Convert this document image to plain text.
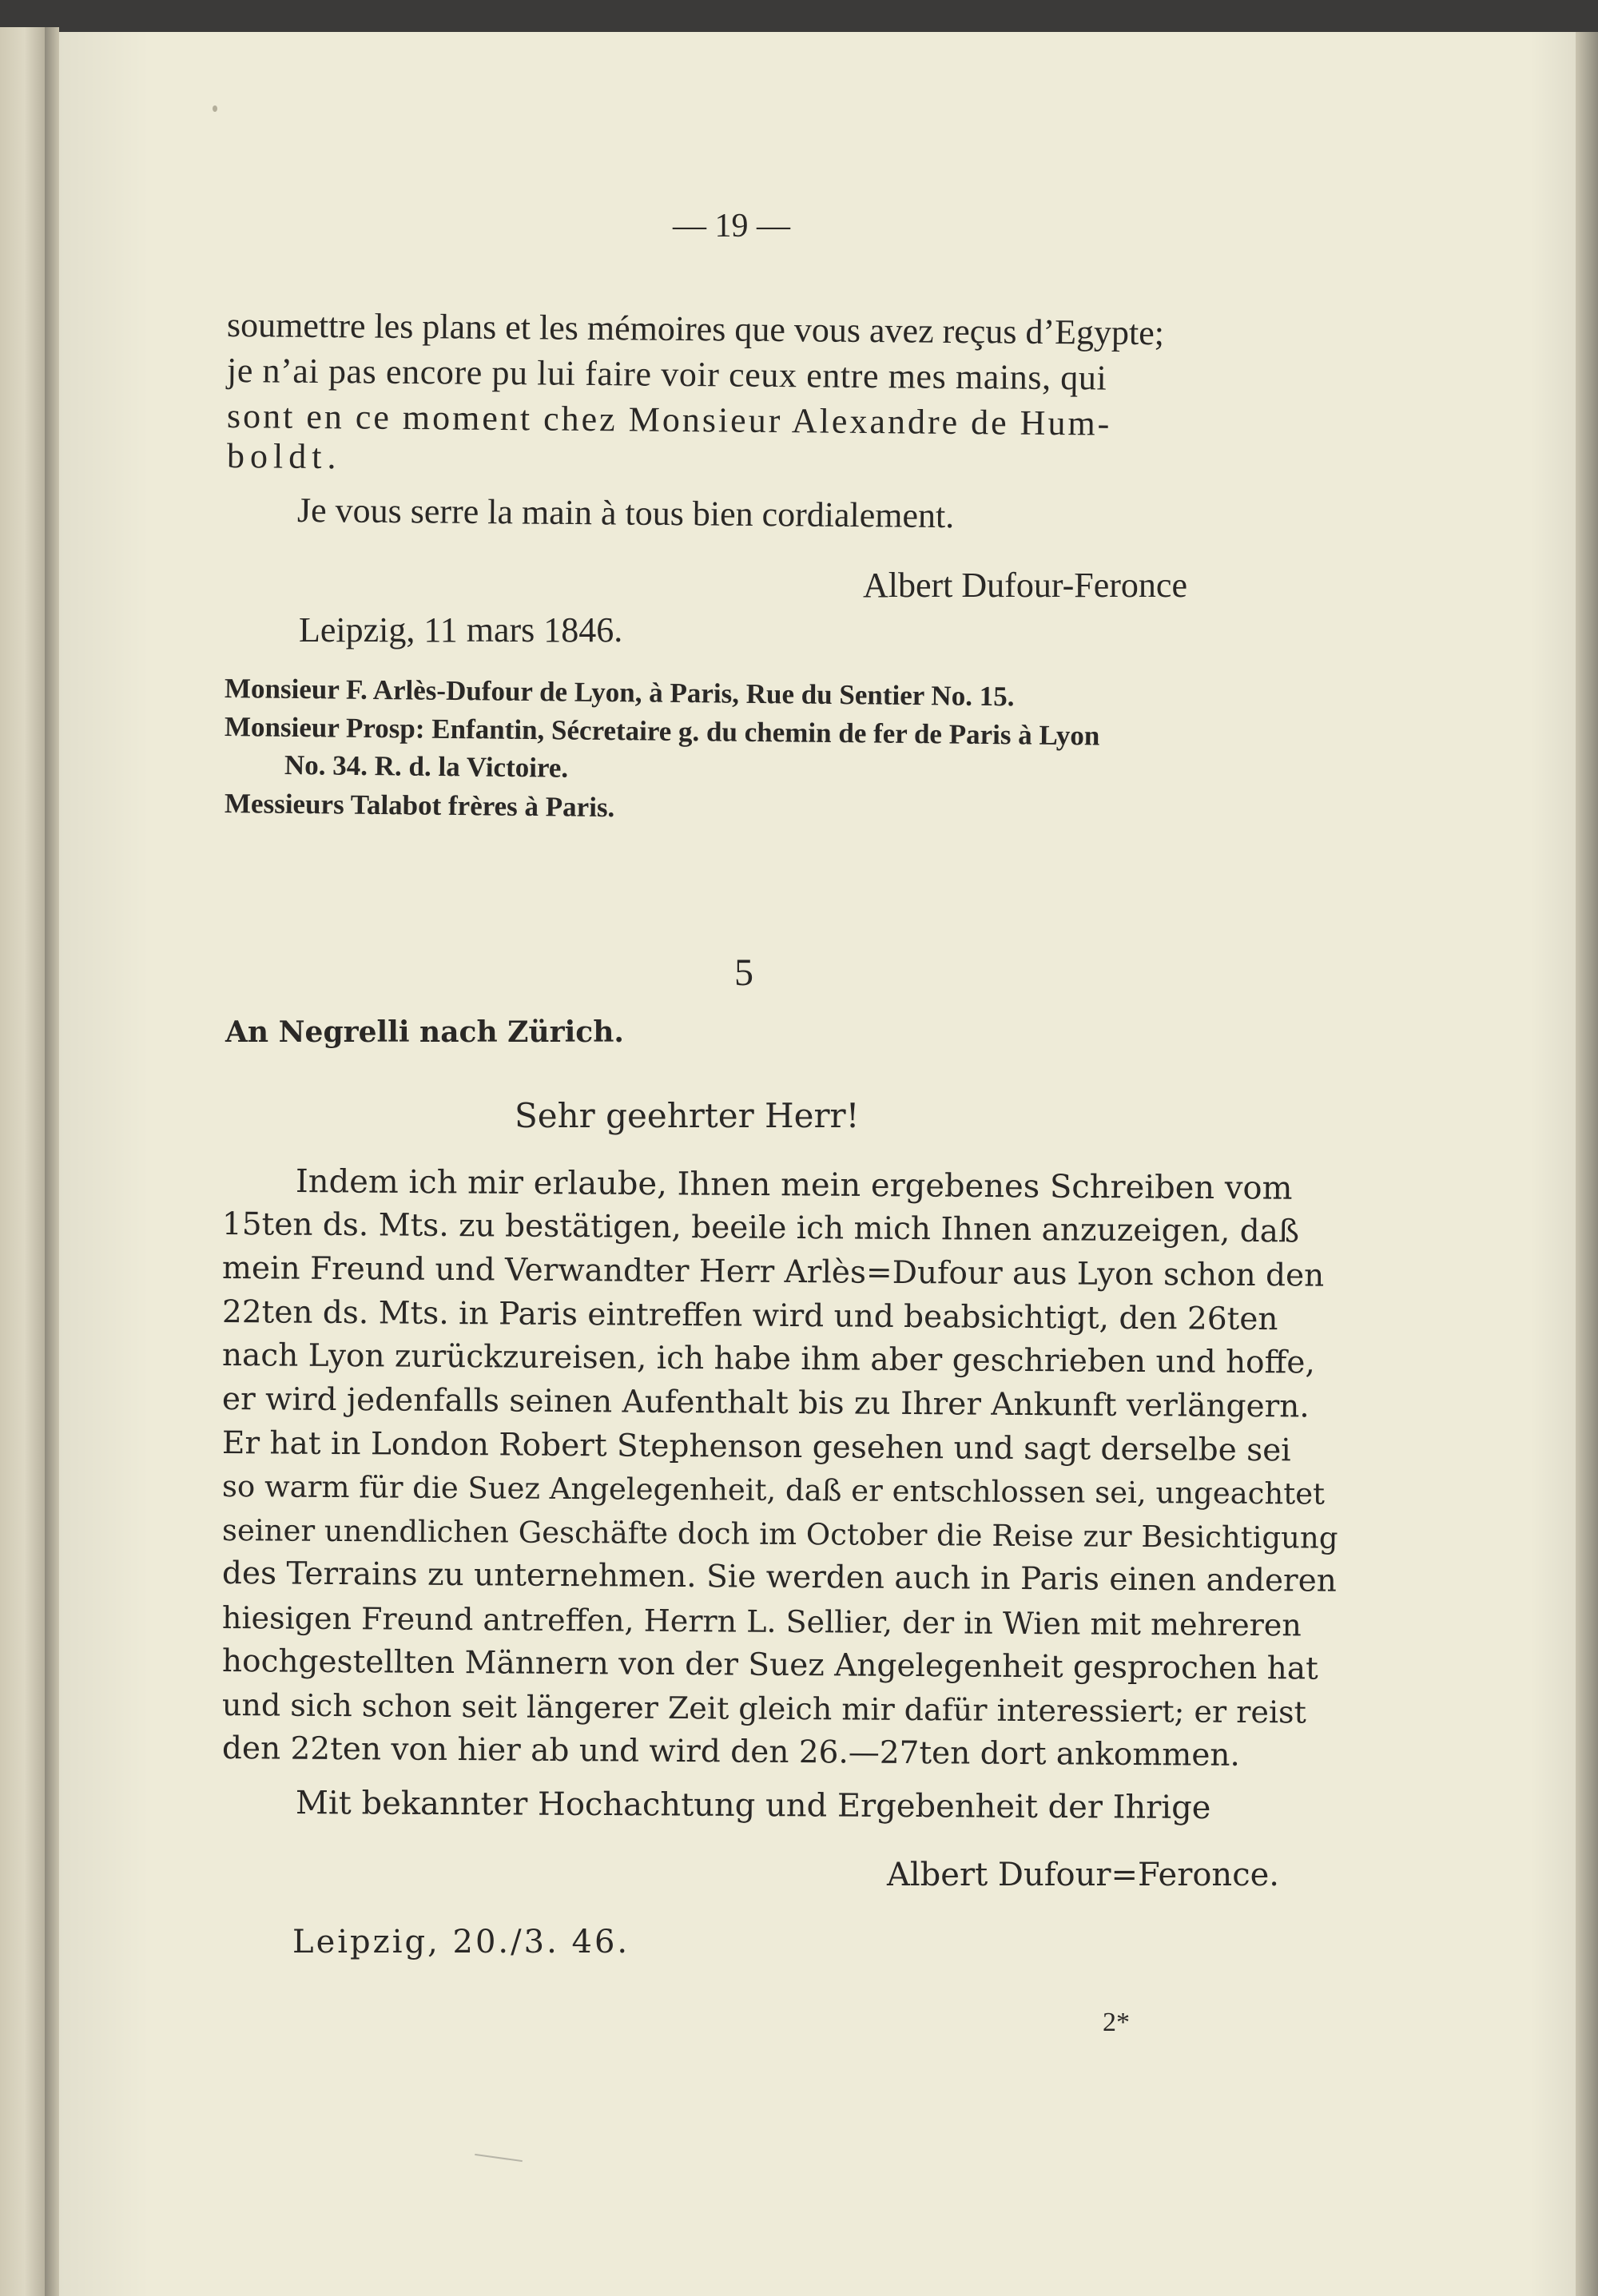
— 19 —

soumettre les plans et les mémoires que vous avez reçus d’Egypte;

je n’ai pas encore pu lui faire voir ceux entre mes mains, qui

sont en ce moment chez Monsieur Alexandre de Hum-

boldt.

Je vous serre la main à tous bien cordialement.

Albert Dufour-Feronce

Leipzig, 11 mars 1846.

Monsieur F. Arlès-Dufour de Lyon, à Paris, Rue du Sentier No. 15.

Monsieur Prosp: Enfantin, Sécretaire g. du chemin de fer de Paris à Lyon

No. 34. R. d. la Victoire.

Messieurs Talabot frères à Paris.

5

An Negrelli nach Zürich.

Sehr geehrter Herr!

Indem ich mir erlaube, Ihnen mein ergebenes Schreiben vom

15ten ds. Mts. zu bestätigen, beeile ich mich Ihnen anzuzeigen, daß

mein Freund und Verwandter Herr Arlès=Dufour aus Lyon schon den

22ten ds. Mts. in Paris eintreffen wird und beabsichtigt, den 26ten

nach Lyon zurückzureisen, ich habe ihm aber geschrieben und hoffe,

er wird jedenfalls seinen Aufenthalt bis zu Ihrer Ankunft verlängern.

Er hat in London Robert Stephenson gesehen und sagt derselbe sei

so warm für die Suez Angelegenheit, daß er entschlossen sei, ungeachtet

seiner unendlichen Geschäfte doch im October die Reise zur Besichtigung

des Terrains zu unternehmen. Sie werden auch in Paris einen anderen

hiesigen Freund antreffen, Herrn L. Sellier, der in Wien mit mehreren

hochgestellten Männern von der Suez Angelegenheit gesprochen hat

und sich schon seit längerer Zeit gleich mir dafür interessiert; er reist

den 22ten von hier ab und wird den 26.—27ten dort ankommen.

Mit bekannter Hochachtung und Ergebenheit der Ihrige

Albert Dufour=Feronce.

Leipzig, 20./3. 46.

2*
